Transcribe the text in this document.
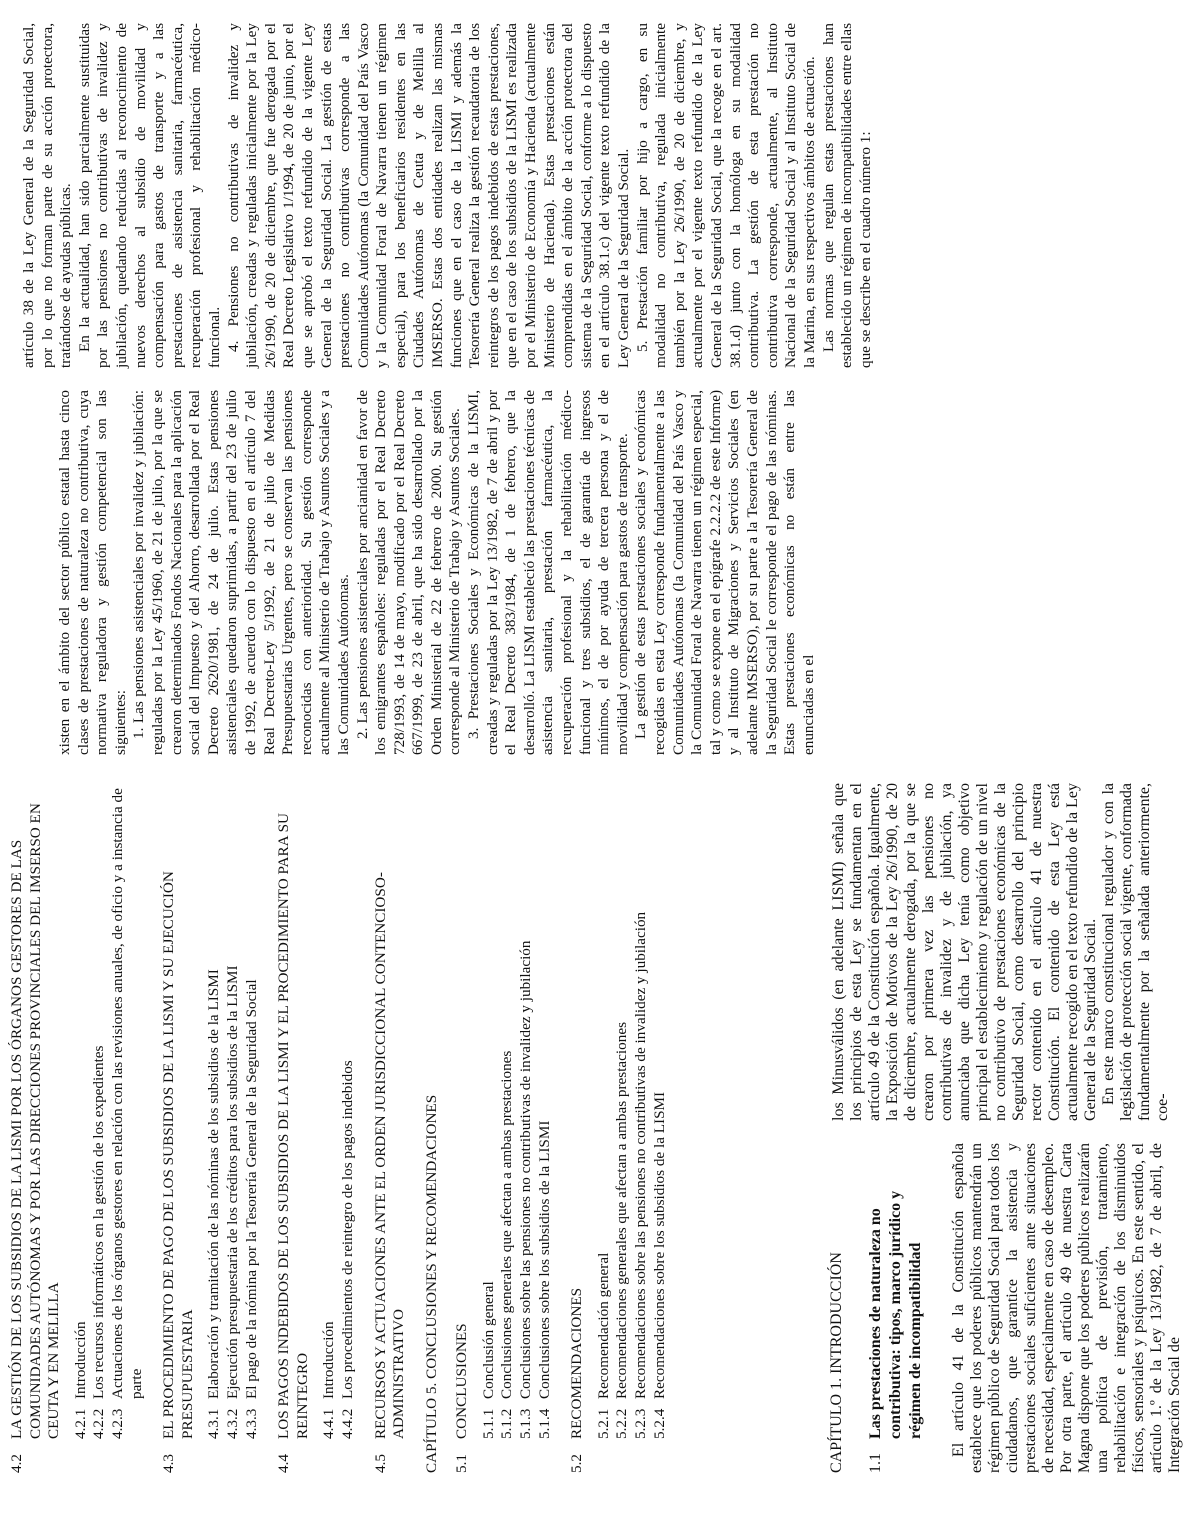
4.2
LA GESTIÓN DE LOS SUBSIDIOS DE LA LISMI POR LOS ÓRGANOS GESTORES DE LAS COMUNIDADES AUTÓNOMAS Y POR LAS DIRECCIONES PROVINCIALES DEL IMSERSO EN CEUTA Y EN MELILLA 4.2.1
Introducción
4.2.2
Los recursos informáticos en la gestión de los expedientes
4.2.3
Actuaciones de los órganos gestores en relación con las revisiones anuales, de oficio y a instancia de parte
4.3
EL PROCEDIMIENTO DE PAGO DE LOS SUBSIDIOS DE LA LISMI Y SU EJECUCIÓN PRESUPUESTARIA 4.3.1
Elaboración y tramitación de las nóminas de los subsidios de la LISMI
4.3.2
Ejecución presupuestaria de los créditos para los subsidios de la LISMI
4.3.3
El pago de la nómina por la Tesorería General de la Seguridad Social
4.4
LOS PAGOS INDEBIDOS DE LOS SUBSIDIOS DE LA LISMI Y EL PROCEDIMIENTO PARA SU REINTEGRO 4.4.1
Introducción
4.4.2
Los procedimientos de reintegro de los pagos indebidos
4.5
RECURSOS Y ACTUACIONES ANTE EL ORDEN JURISDICCIONAL CONTENCIOSO-ADMINISTRATIVO CAPÍTULO 5. CONCLUSIONES Y RECOMENDACIONES 5.1
CONCLUSIONES 5.1.1
Conclusión general
5.1.2
Conclusiones generales que afectan a ambas prestaciones
5.1.3
Conclusiones sobre las pensiones no contributivas de invalidez y jubilación
5.1.4
Conclusiones sobre los subsidios de la LISMI
5.2
RECOMENDACIONES 5.2.1
Recomendación general
5.2.2
Recomendaciones generales que afectan a ambas prestaciones
5.2.3
Recomendaciones sobre las pensiones no contributivas de invalidez y jubilación
5.2.4
Recomendaciones sobre los subsidios de la LISMI	CAPÍTULO 1. INTRODUCCIÓN 1.1
Las prestaciones de naturaleza no contributiva: tipos, marco jurídico y régimen de incompatibilidad El artículo 41 de la Constitución española establece que los poderes públicos mantendrán un régimen público de Seguridad Social para todos los ciudadanos, que garantice la asistencia y prestaciones sociales suficientes ante situaciones de necesidad, especialmente en caso de desempleo. Por otra parte, el artículo 49 de nuestra Carta Magna dispone que los poderes públicos realizarán una política de previsión, tratamiento, rehabilitación e integración de los disminuidos físicos, sensoriales y psíquicos. En este sentido, el artículo 1.º de la Ley 13/1982, de 7 de abril, de Integración Social de

los Minusválidos (en adelante LISMI) señala que los principios de esta Ley se fundamentan en el artículo 49 de la Constitución española. Igualmente, la Exposición de Motivos de la Ley 26/1990, de 20 de diciembre, actualmente derogada, por la que se crearon por primera vez las pensiones no contributivas de invalidez y de jubilación, ya anunciaba que dicha Ley tenía como objetivo principal el establecimiento y regulación de un nivel no contributivo de prestaciones económicas de la Seguridad Social, como desarrollo del principio rector contenido en el artículo 41 de nuestra Constitución. El contenido de esta Ley está actualmente recogido en el texto refundido de la Ley General de la Seguridad Social. En este marco constitucional regulador y con la legislación de protección social vigente, conformada fundamentalmente por la señalada anteriormente, coe-

xisten en el ámbito del sector público estatal hasta cinco clases de prestaciones de naturaleza no contributiva, cuya normativa reguladora y gestión competencial son las siguientes: 1. Las pensiones asistenciales por invalidez y jubilación: reguladas por la Ley 45/1960, de 21 de julio, por la que se crearon determinados Fondos Nacionales para la aplicación social del Impuesto y del Ahorro, desarrollada por el Real Decreto 2620/1981, de 24 de julio. Estas pensiones asistenciales quedaron suprimidas, a partir del 23 de julio de 1992, de acuerdo con lo dispuesto en el artículo 7 del Real Decreto-Ley 5/1992, de 21 de julio de Medidas Presupuestarias Urgentes, pero se conservan las pensiones reconocidas con anterioridad. Su gestión corresponde actualmente al Ministerio de Trabajo y Asuntos Sociales y a las Comunidades Autónomas. 2. Las pensiones asistenciales por ancianidad en favor de los emigrantes españoles: reguladas por el Real Decreto 728/1993, de 14 de mayo, modificado por el Real Decreto 667/1999, de 23 de abril, que ha sido desarrollado por la Orden Ministerial de 22 de febrero de 2000. Su gestión corresponde al Ministerio de Trabajo y Asuntos Sociales. 3. Prestaciones Sociales y Económicas de la LISMI, creadas y reguladas por la Ley 13/1982, de 7 de abril y por el Real Decreto 383/1984, de 1 de febrero, que la desarrolló. La LISMI estableció las prestaciones técnicas de asistencia sanitaria, prestación farmacéutica, la recuperación profesional y la rehabilitación médico-funcional y tres subsidios, el de garantía de ingresos mínimos, el de por ayuda de tercera persona y el de movilidad y compensación para gastos de transporte. La gestión de estas prestaciones sociales y económicas recogidas en esta Ley corresponde fundamentalmente a las Comunidades Autónomas (la Comunidad del País Vasco y la Comunidad Foral de Navarra tienen un régimen especial, tal y como se expone en el epígrafe 2.2.2.2 de este Informe) y al Instituto de Migraciones y Servicios Sociales (en adelante IMSERSO), por su parte a la Tesorería General de la Seguridad Social le corresponde el pago de las nóminas. Estas prestaciones económicas no están entre las enunciadas en el

artículo 38 de la Ley General de la Seguridad Social, por lo que no forman parte de su acción protectora, tratándose de ayudas públicas. En la actualidad, han sido parcialmente sustituidas por las pensiones no contributivas de invalidez y jubilación, quedando reducidas al reconocimiento de nuevos derechos al subsidio de movilidad y compensación para gastos de transporte y a las prestaciones de asistencia sanitaria, farmacéutica, recuperación profesional y rehabilitación médico-funcional. 4. Pensiones no contributivas de invalidez y jubilación, creadas y reguladas inicialmente por la Ley 26/1990, de 20 de diciembre, que fue derogada por el Real Decreto Legislativo 1/1994, de 20 de junio, por el que se aprobó el texto refundido de la vigente Ley General de la Seguridad Social. La gestión de estas prestaciones no contributivas corresponde a las Comunidades Autónomas (la Comunidad del País Vasco y la Comunidad Foral de Navarra tienen un régimen especial), para los beneficiarios residentes en las Ciudades Autónomas de Ceuta y de Melilla al IMSERSO. Estas dos entidades realizan las mismas funciones que en el caso de la LISMI y además la Tesorería General realiza la gestión recaudatoria de los reintegros de los pagos indebidos de estas prestaciones, que en el caso de los subsidios de la LISMI es realizada por el Ministerio de Economía y Hacienda (actualmente Ministerio de Hacienda). Estas prestaciones están comprendidas en el ámbito de la acción protectora del sistema de la Seguridad Social, conforme a lo dispuesto en el artículo 38.1.c) del vigente texto refundido de la Ley General de la Seguridad Social. 5. Prestación familiar por hijo a cargo, en su modalidad no contributiva, regulada inicialmente también por la Ley 26/1990, de 20 de diciembre, y actualmente por el vigente texto refundido de la Ley General de la Seguridad Social, que la recoge en el art. 38.1.d) junto con la homóloga en su modalidad contributiva. La gestión de esta prestación no contributiva corresponde, actualmente, al Instituto Nacional de la Seguridad Social y al Instituto Social de la Marina, en sus respectivos ámbitos de actuación. Las normas que regulan estas prestaciones han establecido un régimen de incompatibilidades entre ellas que se describe en el cuadro número 1:
